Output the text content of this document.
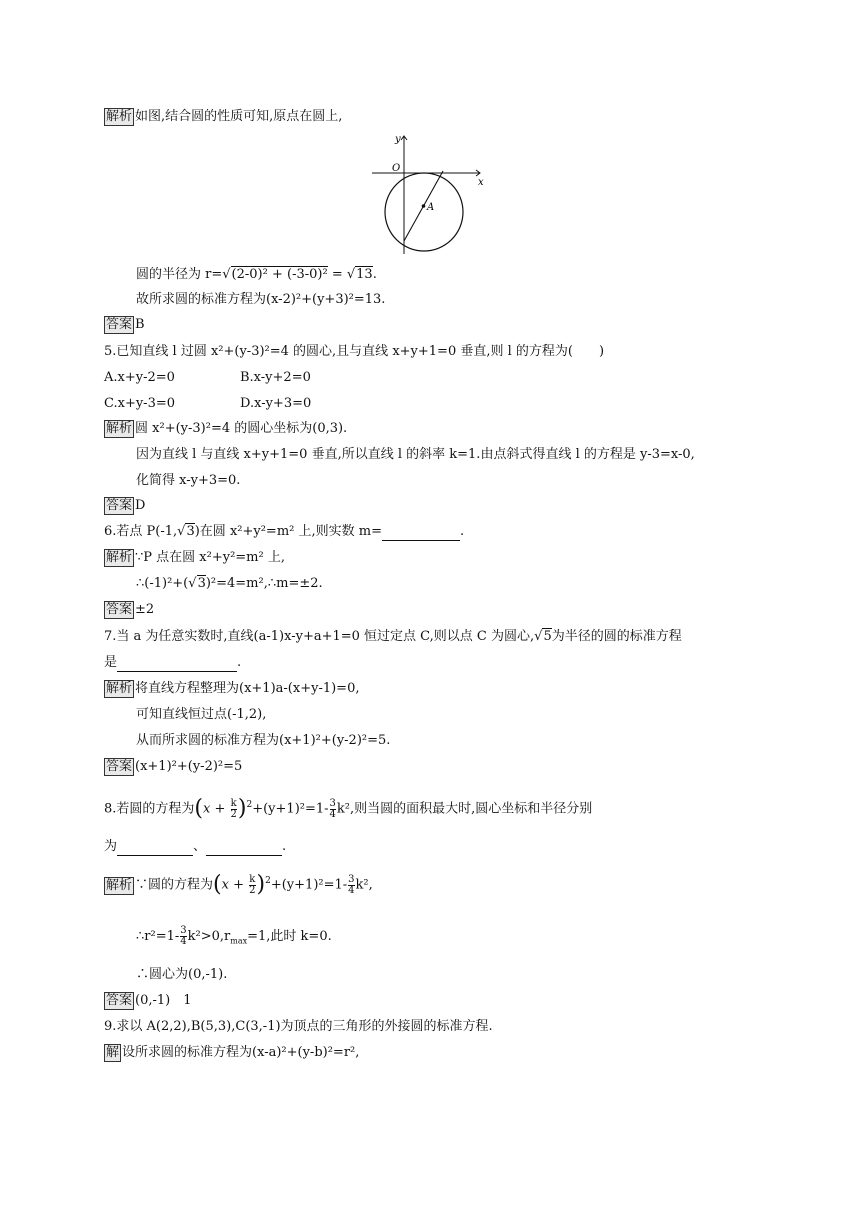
解析 如图,结合圆的性质可知,原点在圆上,
y
O
x
A
圆的半径为 r=√(2-0)² + (-3-0)² = √13.
故所求圆的标准方程为(x-2)²+(y+3)²=13.
答案 B
5.已知直线 l 过圆 x²+(y-3)²=4 的圆心,且与直线 x+y+1=0 垂直,则 l 的方程为(　　)
A.x+y-2=0	B.x-y+2=0
C.x+y-3=0	D.x-y+3=0
解析 圆 x²+(y-3)²=4 的圆心坐标为(0,3).
因为直线 l 与直线 x+y+1=0 垂直,所以直线 l 的斜率 k=1.由点斜式得直线 l 的方程是 y-3=x-0,
化简得 x-y+3=0.
答案 D
6.若点 P(-1,√3)在圆 x²+y²=m² 上,则实数 m=	.
解析 ∵P 点在圆 x²+y²=m² 上,
∴(-1)²+(√3)²=4=m²,∴m=±2.
答案 ±2
7.当 a 为任意实数时,直线(a-1)x-y+a+1=0 恒过定点 C,则以点 C 为圆心,√5为半径的圆的标准方程
是	.
解析 将直线方程整理为(x+1)a-(x+y-1)=0,
可知直线恒过点(-1,2),
从而所求圆的标准方程为(x+1)²+(y-2)²=5.
答案 (x+1)²+(y-2)²=5
8.若圆的方程为$(x + \frac{k}{2} )^2+(y+1)^2=1- \frac{3}{4} k^2$,则当圆的面积最大时,圆心坐标和半径分别
为	、	.
解析 ∵圆的方程为$(x + \frac{k}{2} )^2+(y+1)^2=1- \frac{3}{4} k^2$,
∴r²=1- $\frac{3}{4} k^2>0,r_{max}=1$,此时 k=0.
∴圆心为(0,-1).
答案 (0,-1)　1
9.求以 A(2,2),B(5,3),C(3,-1)为顶点的三角形的外接圆的标准方程.
解 设所求圆的标准方程为(x-a)²+(y-b)²=r²,
